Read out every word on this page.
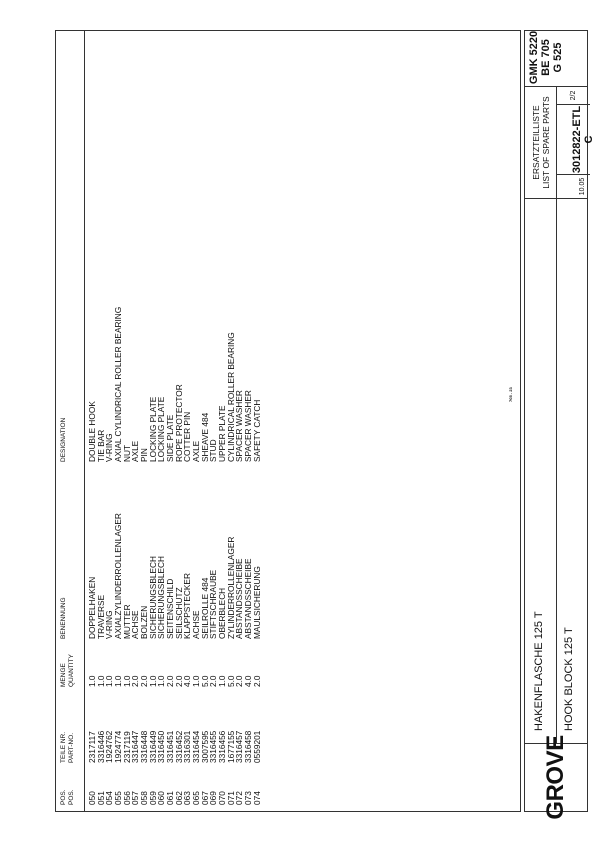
POS. POS.
TEILE NR. PART-NO.
MENGE QUANTITY
BENENNUNG
DESIGNATION
050
051
054
055
056
057
058
059
060
061
062
063
065
067
069
070
071
072
073
074
2317117
3316446
1924762
1924774
2317119
3316447
3316448
3316449
3316450
3316451
3316452
3316301
3316454
3007595
3316455
3316456
1677155
3316457
3316458
0559201
1.0
1.0
1.0
1.0
1.0
2.0
2.0
1.0
1.0
2.0
2.0
4.0
1.0
5.0
2.0
1.0
5.0
2.0
4.0
2.0
DOPPELHAKEN
TRAVERSE
V-RING
AXIALZYLINDERROLLENLAGER
MUTTER
ACHSE
BOLZEN
SICHERUNGSBLECH
SICHERUNGSBLECH
SEITENSCHILD
SEILSCHUTZ
KLAPPSTECKER
ACHSE
SEILROLLE 484
STIFTSCHRAUBE
OBERBLECH
ZYLINDERROLLENLAGER
ABSTANDSSCHEIBE
ABSTANDSSCHEIBE
MAULSICHERUNG
DOUBLE HOOK
TIE BAR
V-RING
AXIAL CYLINDRICAL ROLLER BEARING
NUT
AXLE
PIN
LOCKING PLATE
LOCKING PLATE
SIDE PLATE
ROPE PROTECTOR
COTTER PIN
AXLE
SHEAVE 484
STUD
UPPER PLATE
CYLINDRICAL ROLLER BEARING
SPACER WASHER
SPACER WASHER
SAFETY CATCH
705 - 23
GROVE
HAKENFLASCHE 125 T HOOK BLOCK 125 T
ERSATZTEILLISTE LIST OF SPARE PARTS	10.05
3012822-ETL C
2/2
GMK 5220 BE 705 G 525
